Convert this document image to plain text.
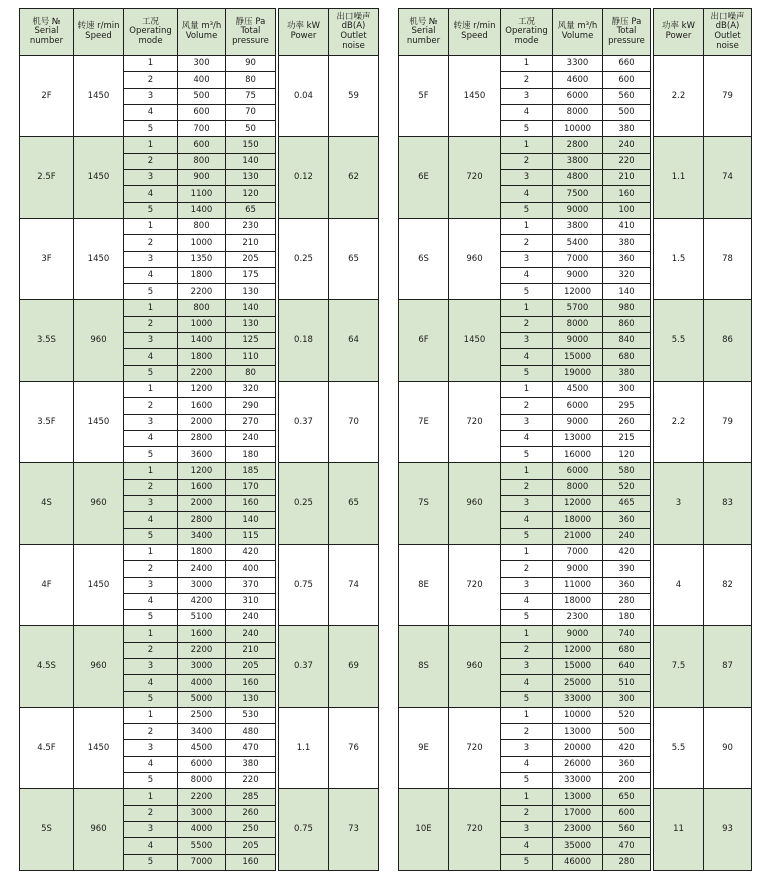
机号 №
Serial
number	转速 r/min
Speed	工况
Operating
mode	风量 m³/h
Volume	静压 Pa
Total
pressure		功率 kW
Power	出口噪声
dB(A)
Outlet
noise

2F	1450	1	300	90		0.04	59
		2	400	80			
		3	500	75			
		4	600	70			
		5	700	50			
2.5F	1450	1	600	150		0.12	62
		2	800	140			
		3	900	130			
		4	1100	120			
		5	1400	65			
3F	1450	1	800	230		0.25	65
		2	1000	210			
		3	1350	205			
		4	1800	175			
		5	2200	130			
3.5S	960	1	800	140		0.18	64
		2	1000	130			
		3	1400	125			
		4	1800	110			
		5	2200	80			
3.5F	1450	1	1200	320		0.37	70
		2	1600	290			
		3	2000	270			
		4	2800	240			
		5	3600	180			
4S	960	1	1200	185		0.25	65
		2	1600	170			
		3	2000	160			
		4	2800	140			
		5	3400	115			
4F	1450	1	1800	420		0.75	74
		2	2400	400			
		3	3000	370			
		4	4200	310			
		5	5100	240			
4.5S	960	1	1600	240		0.37	69
		2	2200	210			
		3	3000	205			
		4	4000	160			
		5	5000	130			
4.5F	1450	1	2500	530		1.1	76
		2	3400	480			
		3	4500	470			
		4	6000	380			
		5	8000	220			
5S	960	1	2200	285		0.75	73
		2	3000	260			
		3	4000	250			
		4	5500	205			
		5	7000	160			
机号 №
Serial
number	转速 r/min
Speed	工况
Operating
mode	风量 m³/h
Volume	静压 Pa
Total
pressure		功率 kW
Power	出口噪声
dB(A)
Outlet
noise

5F	1450	1	3300	660		2.2	79
		2	4600	600			
		3	6000	560			
		4	8000	500			
		5	10000	380			
6E	720	1	2800	240		1.1	74
		2	3800	220			
		3	4800	210			
		4	7500	160			
		5	9000	100			
6S	960	1	3800	410		1.5	78
		2	5400	380			
		3	7000	360			
		4	9000	320			
		5	12000	140			
6F	1450	1	5700	980		5.5	86
		2	8000	860			
		3	9000	840			
		4	15000	680			
		5	19000	380			
7E	720	1	4500	300		2.2	79
		2	6000	295			
		3	9000	260			
		4	13000	215			
		5	16000	120			
7S	960	1	6000	580		3	83
		2	8000	520			
		3	12000	465			
		4	18000	360			
		5	21000	240			
8E	720	1	7000	420		4	82
		2	9000	390			
		3	11000	360			
		4	18000	280			
		5	2300	180			
8S	960	1	9000	740		7.5	87
		2	12000	680			
		3	15000	640			
		4	25000	510			
		5	33000	300			
9E	720	1	10000	520		5.5	90
		2	13000	500			
		3	20000	420			
		4	26000	360			
		5	33000	200			
10E	720	1	13000	650		11	93
		2	17000	600			
		3	23000	560			
		4	35000	470			
		5	46000	280			
